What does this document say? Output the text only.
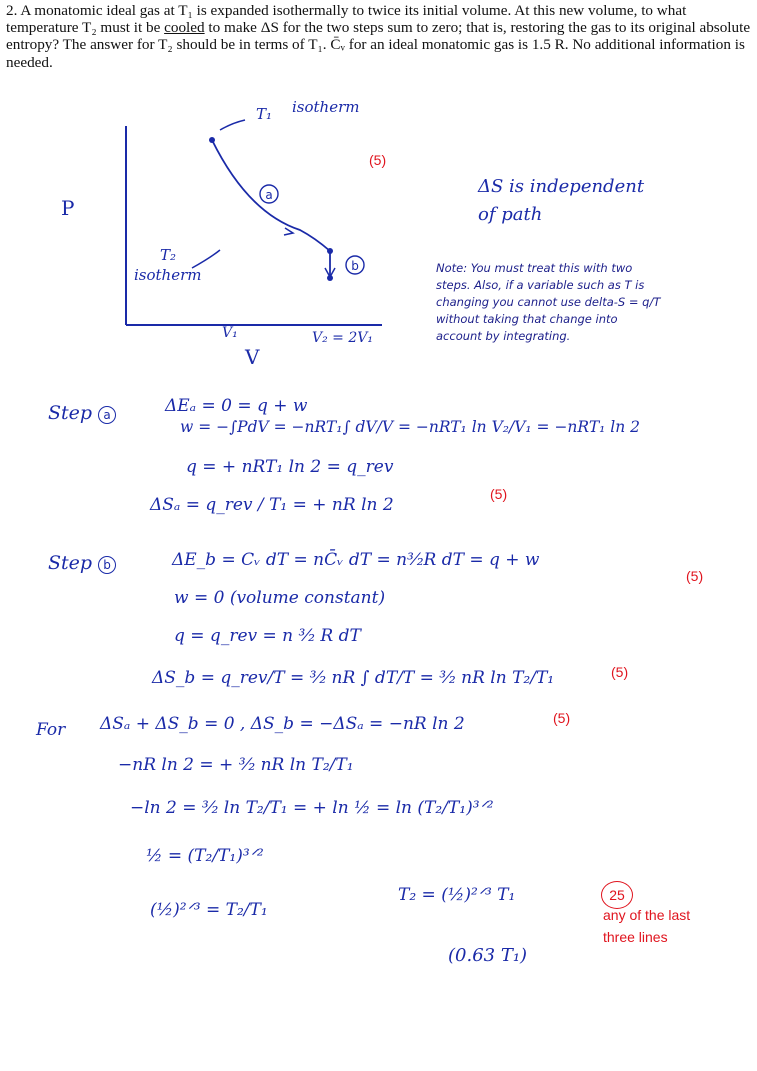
2. A monatomic ideal gas at T₁ is expanded isothermally to twice its initial volume. At this new volume, to what temperature T₂ must it be cooled to make ΔS for the two steps sum to zero; that is, restoring the gas to its original absolute entropy? The answer for T₂ should be in terms of T₁. C̄ᵥ for an ideal monatomic gas is 1.5 R. No additional information is needed.
a
b
P
V
V₁	V₂ = 2V₁
T₁ isotherm
T₂
isotherm
(5)
ΔS is independent
of path
Note: You must treat this with two steps. Also, if a variable such as T is changing you cannot use delta-S = q/T without taking that change into account by integrating.
Step a	ΔEₐ = 0 = q + w
w = −∫PdV = −nRT₁∫ dV/V = −nRT₁ ln V₂/V₁ = −nRT₁ ln 2
q = + nRT₁ ln 2 = q_rev
ΔSₐ = q_rev / T₁ = + nR ln 2
(5)
Step b	ΔE_b = Cᵥ dT = nC̄ᵥ dT = n³⁄₂R dT = q + w
(5)
w = 0 (volume constant)
q = q_rev = n ³⁄₂ R dT
ΔS_b = q_rev/T = ³⁄₂ nR ∫ dT/T = ³⁄₂ nR ln T₂/T₁	(5)
For ΔSₐ + ΔS_b = 0 , ΔS_b = −ΔSₐ = −nR ln 2	(5)
−nR ln 2 = + ³⁄₂ nR ln T₂/T₁
−ln 2 = ³⁄₂ ln T₂/T₁ = + ln ½ = ln (T₂/T₁)³ᐟ²
½ = (T₂/T₁)³ᐟ²
(½)²ᐟ³ = T₂/T₁
T₂ = (½)²ᐟ³ T₁
(0.63 T₁)
25
any of the last
three lines
